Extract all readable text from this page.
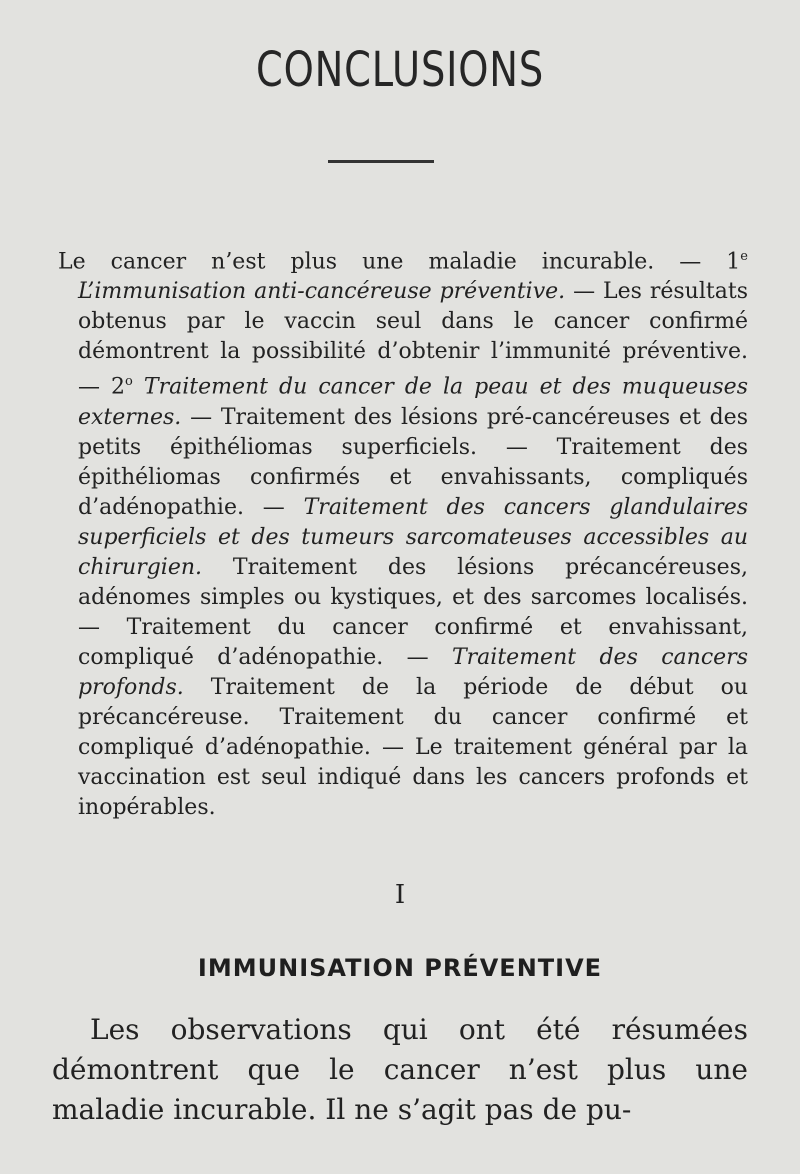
CONCLUSIONS

Le cancer n’est plus une maladie incurable. — 1e L’immunisation anti-cancéreuse préventive. — Les résultats obtenus par le vaccin seul dans le cancer confirmé démontrent la possibilité d’obtenir l’immunité préventive. — 2$^o$ Traitement du cancer de la peau et des muqueuses externes. — Traitement des lésions pré-cancéreuses et des petits épithéliomas superficiels. — Traitement des épithéliomas confirmés et envahissants, compliqués d’adénopathie. — Traitement des cancers glandulaires superficiels et des tumeurs sarcomateuses accessibles au chirurgien. Traitement des lésions précancéreuses, adénomes simples ou kystiques, et des sarcomes localisés. — Traitement du cancer confirmé et envahissant, compliqué d’adénopathie. — Traitement des cancers profonds. Traitement de la période de début ou précancéreuse. Traitement du cancer confirmé et compliqué d’adénopathie. — Le traitement général par la vaccination est seul indiqué dans les cancers profonds et inopérables.

I
IMMUNISATION PRÉVENTIVE

Les observations qui ont été résumées démontrent que le cancer n’est plus une maladie incurable. Il ne s’agit pas de pu-
